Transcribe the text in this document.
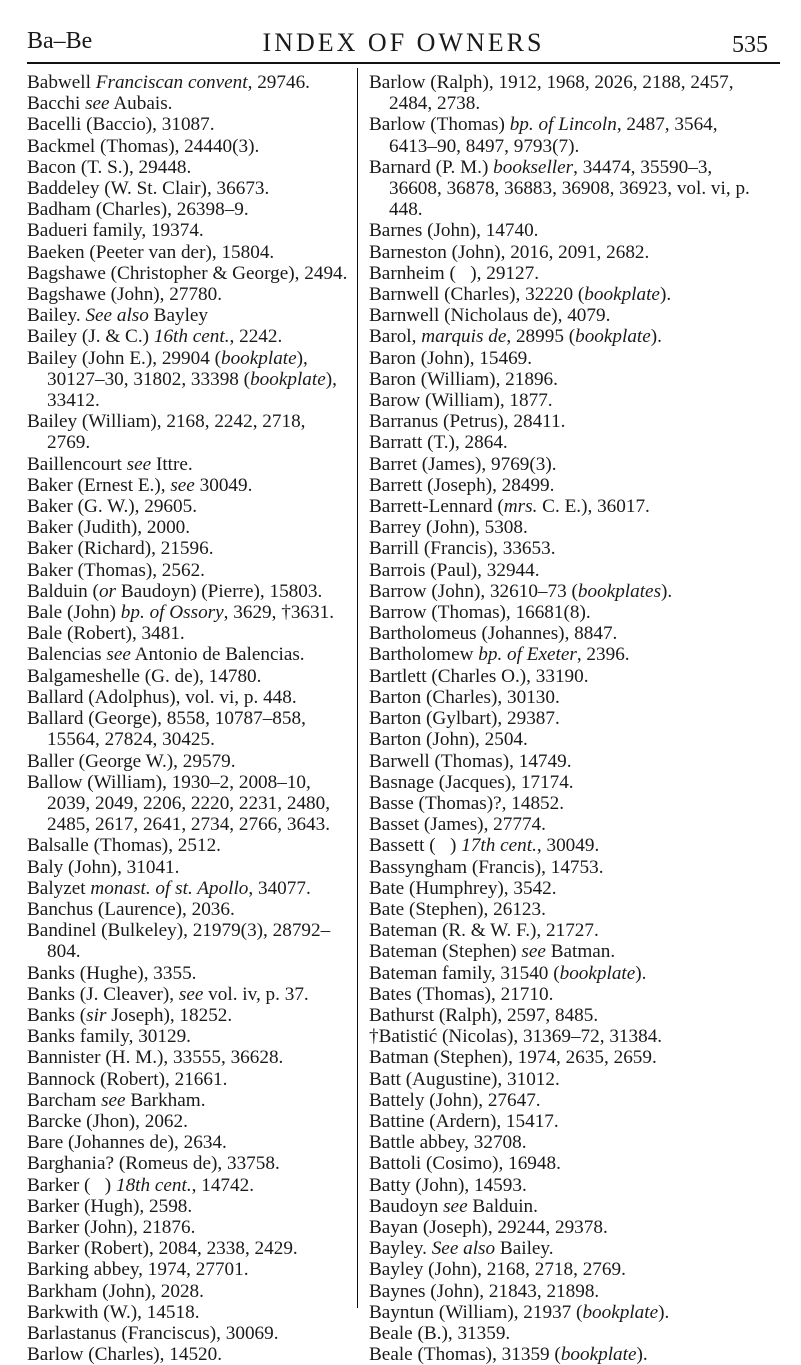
Ba–Be	INDEX OF OWNERS	535

Babwell Franciscan convent, 29746.

Bacchi see Aubais.

Bacelli (Baccio), 31087.

Backmel (Thomas), 24440(3).

Bacon (T. S.), 29448.

Baddeley (W. St. Clair), 36673.

Badham (Charles), 26398–9.

Badueri family, 19374.

Baeken (Peeter van der), 15804.

Bagshawe (Christopher & George), 2494.

Bagshawe (John), 27780.

Bailey. See also Bayley

Bailey (J. & C.) 16th cent., 2242.

Bailey (John E.), 29904 (bookplate), 30127–30, 31802, 33398 (bookplate), 33412.

Bailey (William), 2168, 2242, 2718, 2769.

Baillencourt see Ittre.

Baker (Ernest E.), see 30049.

Baker (G. W.), 29605.

Baker (Judith), 2000.

Baker (Richard), 21596.

Baker (Thomas), 2562.

Balduin (or Baudoyn) (Pierre), 15803.

Bale (John) bp. of Ossory, 3629, †3631.

Bale (Robert), 3481.

Balencias see Antonio de Balencias.

Balgameshelle (G. de), 14780.

Ballard (Adolphus), vol. vi, p. 448.

Ballard (George), 8558, 10787–858, 15564, 27824, 30425.

Baller (George W.), 29579.

Ballow (William), 1930–2, 2008–10, 2039, 2049, 2206, 2220, 2231, 2480, 2485, 2617, 2641, 2734, 2766, 3643.

Balsalle (Thomas), 2512.

Baly (John), 31041.

Balyzet monast. of st. Apollo, 34077.

Banchus (Laurence), 2036.

Bandinel (Bulkeley), 21979(3), 28792–804.

Banks (Hughe), 3355.

Banks (J. Cleaver), see vol. iv, p. 37.

Banks (sir Joseph), 18252.

Banks family, 30129.

Bannister (H. M.), 33555, 36628.

Bannock (Robert), 21661.

Barcham see Barkham.

Barcke (Jhon), 2062.

Bare (Johannes de), 2634.

Barghania? (Romeus de), 33758.

Barker (   ) 18th cent., 14742.

Barker (Hugh), 2598.

Barker (John), 21876.

Barker (Robert), 2084, 2338, 2429.

Barking abbey, 1974, 27701.

Barkham (John), 2028.

Barkwith (W.), 14518.

Barlastanus (Franciscus), 30069.

Barlow (Charles), 14520.

Barlow (Ralph), 1912, 1968, 2026, 2188, 2457, 2484, 2738.

Barlow (Thomas) bp. of Lincoln, 2487, 3564, 6413–90, 8497, 9793(7).

Barnard (P. M.) bookseller, 34474, 35590–3, 36608, 36878, 36883, 36908, 36923, vol. vi, p. 448.

Barnes (John), 14740.

Barneston (John), 2016, 2091, 2682.

Barnheim (   ), 29127.

Barnwell (Charles), 32220 (bookplate).

Barnwell (Nicholaus de), 4079.

Barol, marquis de, 28995 (bookplate).

Baron (John), 15469.

Baron (William), 21896.

Barow (William), 1877.

Barranus (Petrus), 28411.

Barratt (T.), 2864.

Barret (James), 9769(3).

Barrett (Joseph), 28499.

Barrett-Lennard (mrs. C. E.), 36017.

Barrey (John), 5308.

Barrill (Francis), 33653.

Barrois (Paul), 32944.

Barrow (John), 32610–73 (bookplates).

Barrow (Thomas), 16681(8).

Bartholomeus (Johannes), 8847.

Bartholomew bp. of Exeter, 2396.

Bartlett (Charles O.), 33190.

Barton (Charles), 30130.

Barton (Gylbart), 29387.

Barton (John), 2504.

Barwell (Thomas), 14749.

Basnage (Jacques), 17174.

Basse (Thomas)?, 14852.

Basset (James), 27774.

Bassett (   ) 17th cent., 30049.

Bassyngham (Francis), 14753.

Bate (Humphrey), 3542.

Bate (Stephen), 26123.

Bateman (R. & W. F.), 21727.

Bateman (Stephen) see Batman.

Bateman family, 31540 (bookplate).

Bates (Thomas), 21710.

Bathurst (Ralph), 2597, 8485.

†Batistić (Nicolas), 31369–72, 31384.

Batman (Stephen), 1974, 2635, 2659.

Batt (Augustine), 31012.

Battely (John), 27647.

Battine (Ardern), 15417.

Battle abbey, 32708.

Battoli (Cosimo), 16948.

Batty (John), 14593.

Baudoyn see Balduin.

Bayan (Joseph), 29244, 29378.

Bayley. See also Bailey.

Bayley (John), 2168, 2718, 2769.

Baynes (John), 21843, 21898.

Bayntun (William), 21937 (bookplate).

Beale (B.), 31359.

Beale (Thomas), 31359 (bookplate).
